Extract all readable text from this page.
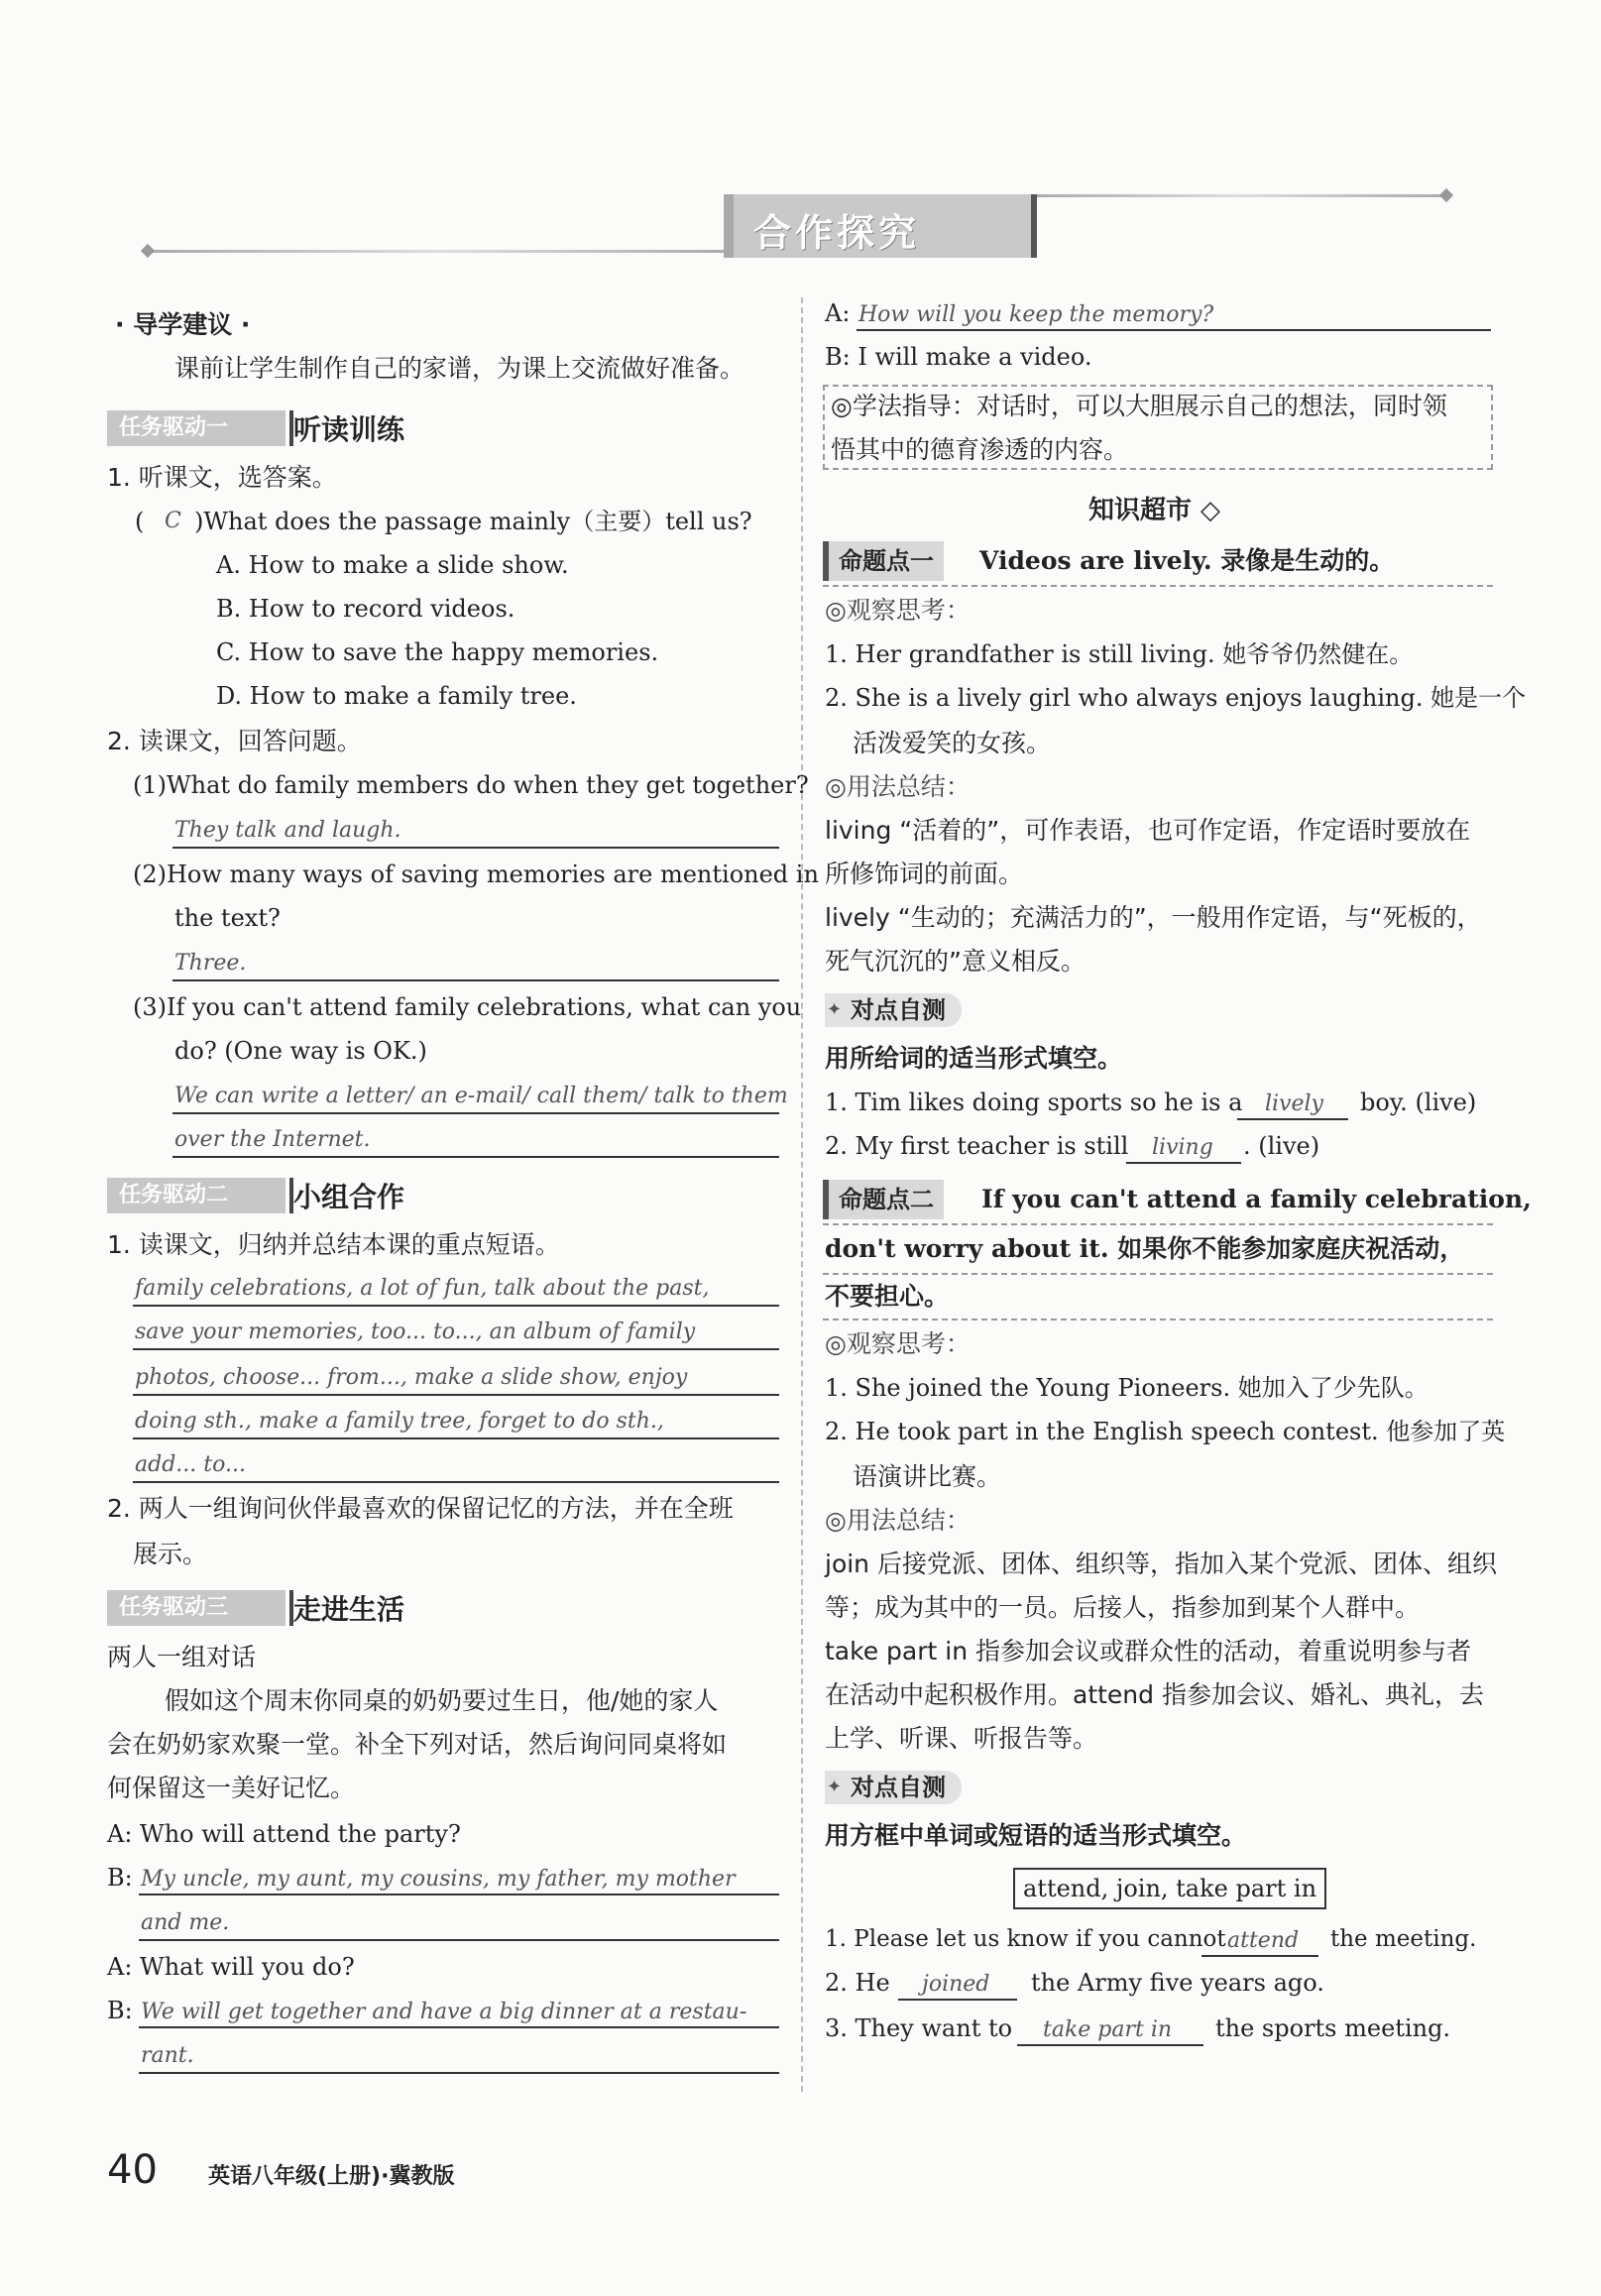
合作探究
· 导学建议 ·
课前让学生制作自己的家谱，为课上交流做好准备。
任务驱动一	听读训练
1. 听课文，选答案。
( C )What does the passage mainly（主要）tell us?
A. How to make a slide show.
B. How to record videos.
C. How to save the happy memories.
D. How to make a family tree.
2. 读课文，回答问题。
(1)What do family members do when they get together?
They talk and laugh.
(2)How many ways of saving memories are mentioned in
the text?
Three.
(3)If you can't attend family celebrations, what can you
do? (One way is OK.)
We can write a letter/ an e-mail/ call them/ talk to them
over the Internet.
任务驱动二	小组合作
1. 读课文，归纳并总结本课的重点短语。
family celebrations, a lot of fun, talk about the past,
save your memories, too... to..., an album of family
photos, choose... from..., make a slide show, enjoy
doing sth., make a family tree, forget to do sth.,
add... to...
2. 两人一组询问伙伴最喜欢的保留记忆的方法，并在全班
展示。
任务驱动三	走进生活
两人一组对话
假如这个周末你同桌的奶奶要过生日，他/她的家人
会在奶奶家欢聚一堂。补全下列对话，然后询问同桌将如
何保留这一美好记忆。
A: Who will attend the party?
B: My uncle, my aunt, my cousins, my father, my mother
and me.
A: What will you do?
B: We will get together and have a big dinner at a restau-
rant.
A: How will you keep the memory?
B: I will make a video.
◎学法指导：对话时，可以大胆展示自己的想法，同时领
悟其中的德育渗透的内容。
知识超市 ◇
命题点一	Videos are lively. 录像是生动的。
◎观察思考：
1. Her grandfather is still living. 她爷爷仍然健在。
2. She is a lively girl who always enjoys laughing. 她是一个
活泼爱笑的女孩。
◎用法总结：
living “活着的”，可作表语，也可作定语，作定语时要放在
所修饰词的前面。
lively “生动的；充满活力的”，一般用作定语，与“死板的，
死气沉沉的”意义相反。
✦ 对点自测
用所给词的适当形式填空。
1. Tim likes doing sports so he is a lively boy. (live)
2. My first teacher is still living . (live)
命题点二	If you can't attend a family celebration,
don't worry about it. 如果你不能参加家庭庆祝活动，
不要担心。
◎观察思考：
1. She joined the Young Pioneers. 她加入了少先队。
2. He took part in the English speech contest. 他参加了英
语演讲比赛。
◎用法总结：
join 后接党派、团体、组织等，指加入某个党派、团体、组织
等；成为其中的一员。后接人，指参加到某个人群中。
take part in 指参加会议或群众性的活动，着重说明参与者
在活动中起积极作用。attend 指参加会议、婚礼、典礼，去
上学、听课、听报告等。
✦ 对点自测
用方框中单词或短语的适当形式填空。
attend, join, take part in
1. Please let us know if you cannot attend the meeting.
2. He joined the Army five years ago.
3. They want to take part in the sports meeting.
40 英语八年级(上册)·冀教版
